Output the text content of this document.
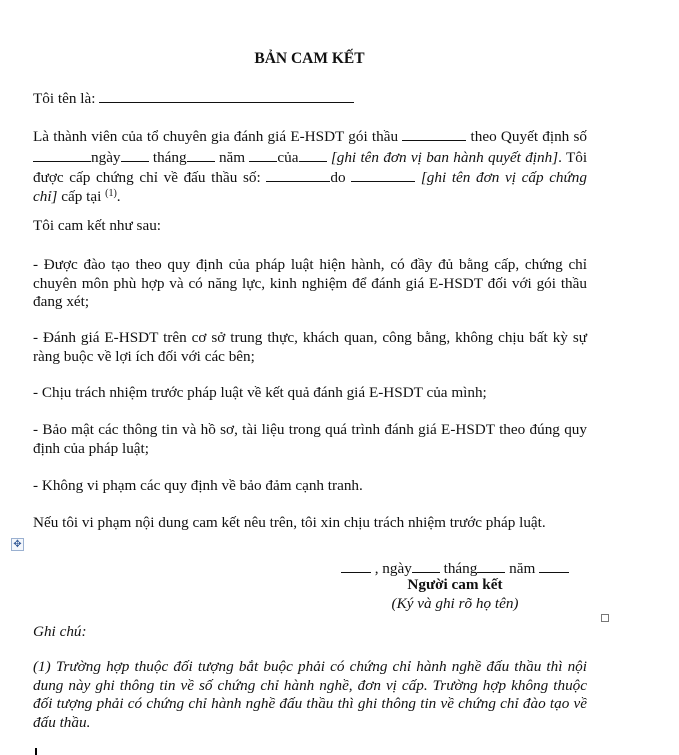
BẢN CAM KẾT
Tôi tên là:
Là thành viên của tổ chuyên gia đánh giá E-HSDT gói thầu	theo Quyết định số ngày tháng năm của [ghi tên đơn vị ban hành quyết định]. Tôi được cấp chứng chỉ về đấu thầu số:	do	[ghi tên đơn vị cấp chứng chỉ] cấp tại $^{(1)}$.
Tôi cam kết như sau:
- Được đào tạo theo quy định của pháp luật hiện hành, có đầy đủ bằng cấp, chứng chỉ chuyên môn phù hợp và có năng lực, kinh nghiệm để đánh giá E-HSDT đối với gói thầu đang xét;
- Đánh giá E-HSDT trên cơ sở trung thực, khách quan, công bằng, không chịu bất kỳ sự ràng buộc về lợi ích đối với các bên;
- Chịu trách nhiệm trước pháp luật về kết quả đánh giá E-HSDT của mình;
- Bảo mật các thông tin và hồ sơ, tài liệu trong quá trình đánh giá E-HSDT theo đúng quy định của pháp luật;
- Không vi phạm các quy định về bảo đảm cạnh tranh.
Nếu tôi vi phạm nội dung cam kết nêu trên, tôi xin chịu trách nhiệm trước pháp luật.
✥
, ngày tháng năm
Người cam kết
(Ký và ghi rõ họ tên)
Ghi chú:
(1) Trường hợp thuộc đối tượng bắt buộc phải có chứng chỉ hành nghề đấu thầu thì nội dung này ghi thông tin về số chứng chỉ hành nghề, đơn vị cấp. Trường hợp không thuộc đối tượng phải có chứng chỉ hành nghề đấu thầu thì ghi thông tin về chứng chỉ đào tạo về đấu thầu.
